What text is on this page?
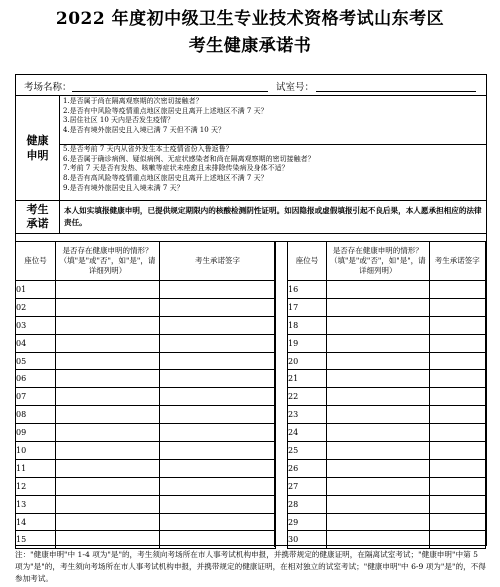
2022 年度初中级卫生专业技术资格考试山东考区
考生健康承诺书
考场名称：	试室号：
健康
申明
1.是否属于尚在隔离观察期的次密切接触者？
2.是否有中风险等疫情重点地区旅居史且离开上述地区不满 7 天？
3.居住社区 10 天内是否发生疫情？
4.是否有境外旅居史且入境已满 7 天但不满 10 天？
5.是否考前 7 天内从省外发生本土疫情省份入鲁返鲁？
6.是否属于确诊病例、疑似病例、无症状感染者和尚在隔离观察期的密切接触者？
7.考前 7 天是否有发热、咳嗽等症状未痊愈且未排除传染病及身体不适？
8.是否有高风险等疫情重点地区旅居史且离开上述地区不满 7 天？
9.是否有境外旅居史且入境未满 7 天？
考生
承诺
本人如实填报健康申明，已提供规定期限内的核酸检测阴性证明。如因隐报或虚假填报引起不良后果，本人愿承担相应的法律责任。
座位号	是否存在健康申明的情形？（填"是"或"否"，如"是"，请详细列明）	考生承诺签字
01		
02		
03		
04		
05		
06		
07		
08		
09		
10		
11		
12		
13		
14		
15		
座位号	是否存在健康申明的情形？（填"是"或"否"，如"是"，请详细列明）	考生承诺签字
16		
17		
18		
19		
20		
21		
22		
23		
24		
25		
26		
27		
28		
29		
30		
注："健康申明"中 1-4 项为"是"的，考生须向考场所在市人事考试机构申报，并携带规定的健康证明，在隔离试室考试；"健康申明"中第 5 项为"是"的，考生须向考场所在市人事考试机构申报，并携带规定的健康证明，在相对独立的试室考试；"健康申明"中 6-9 项为"是"的，不得参加考试。
